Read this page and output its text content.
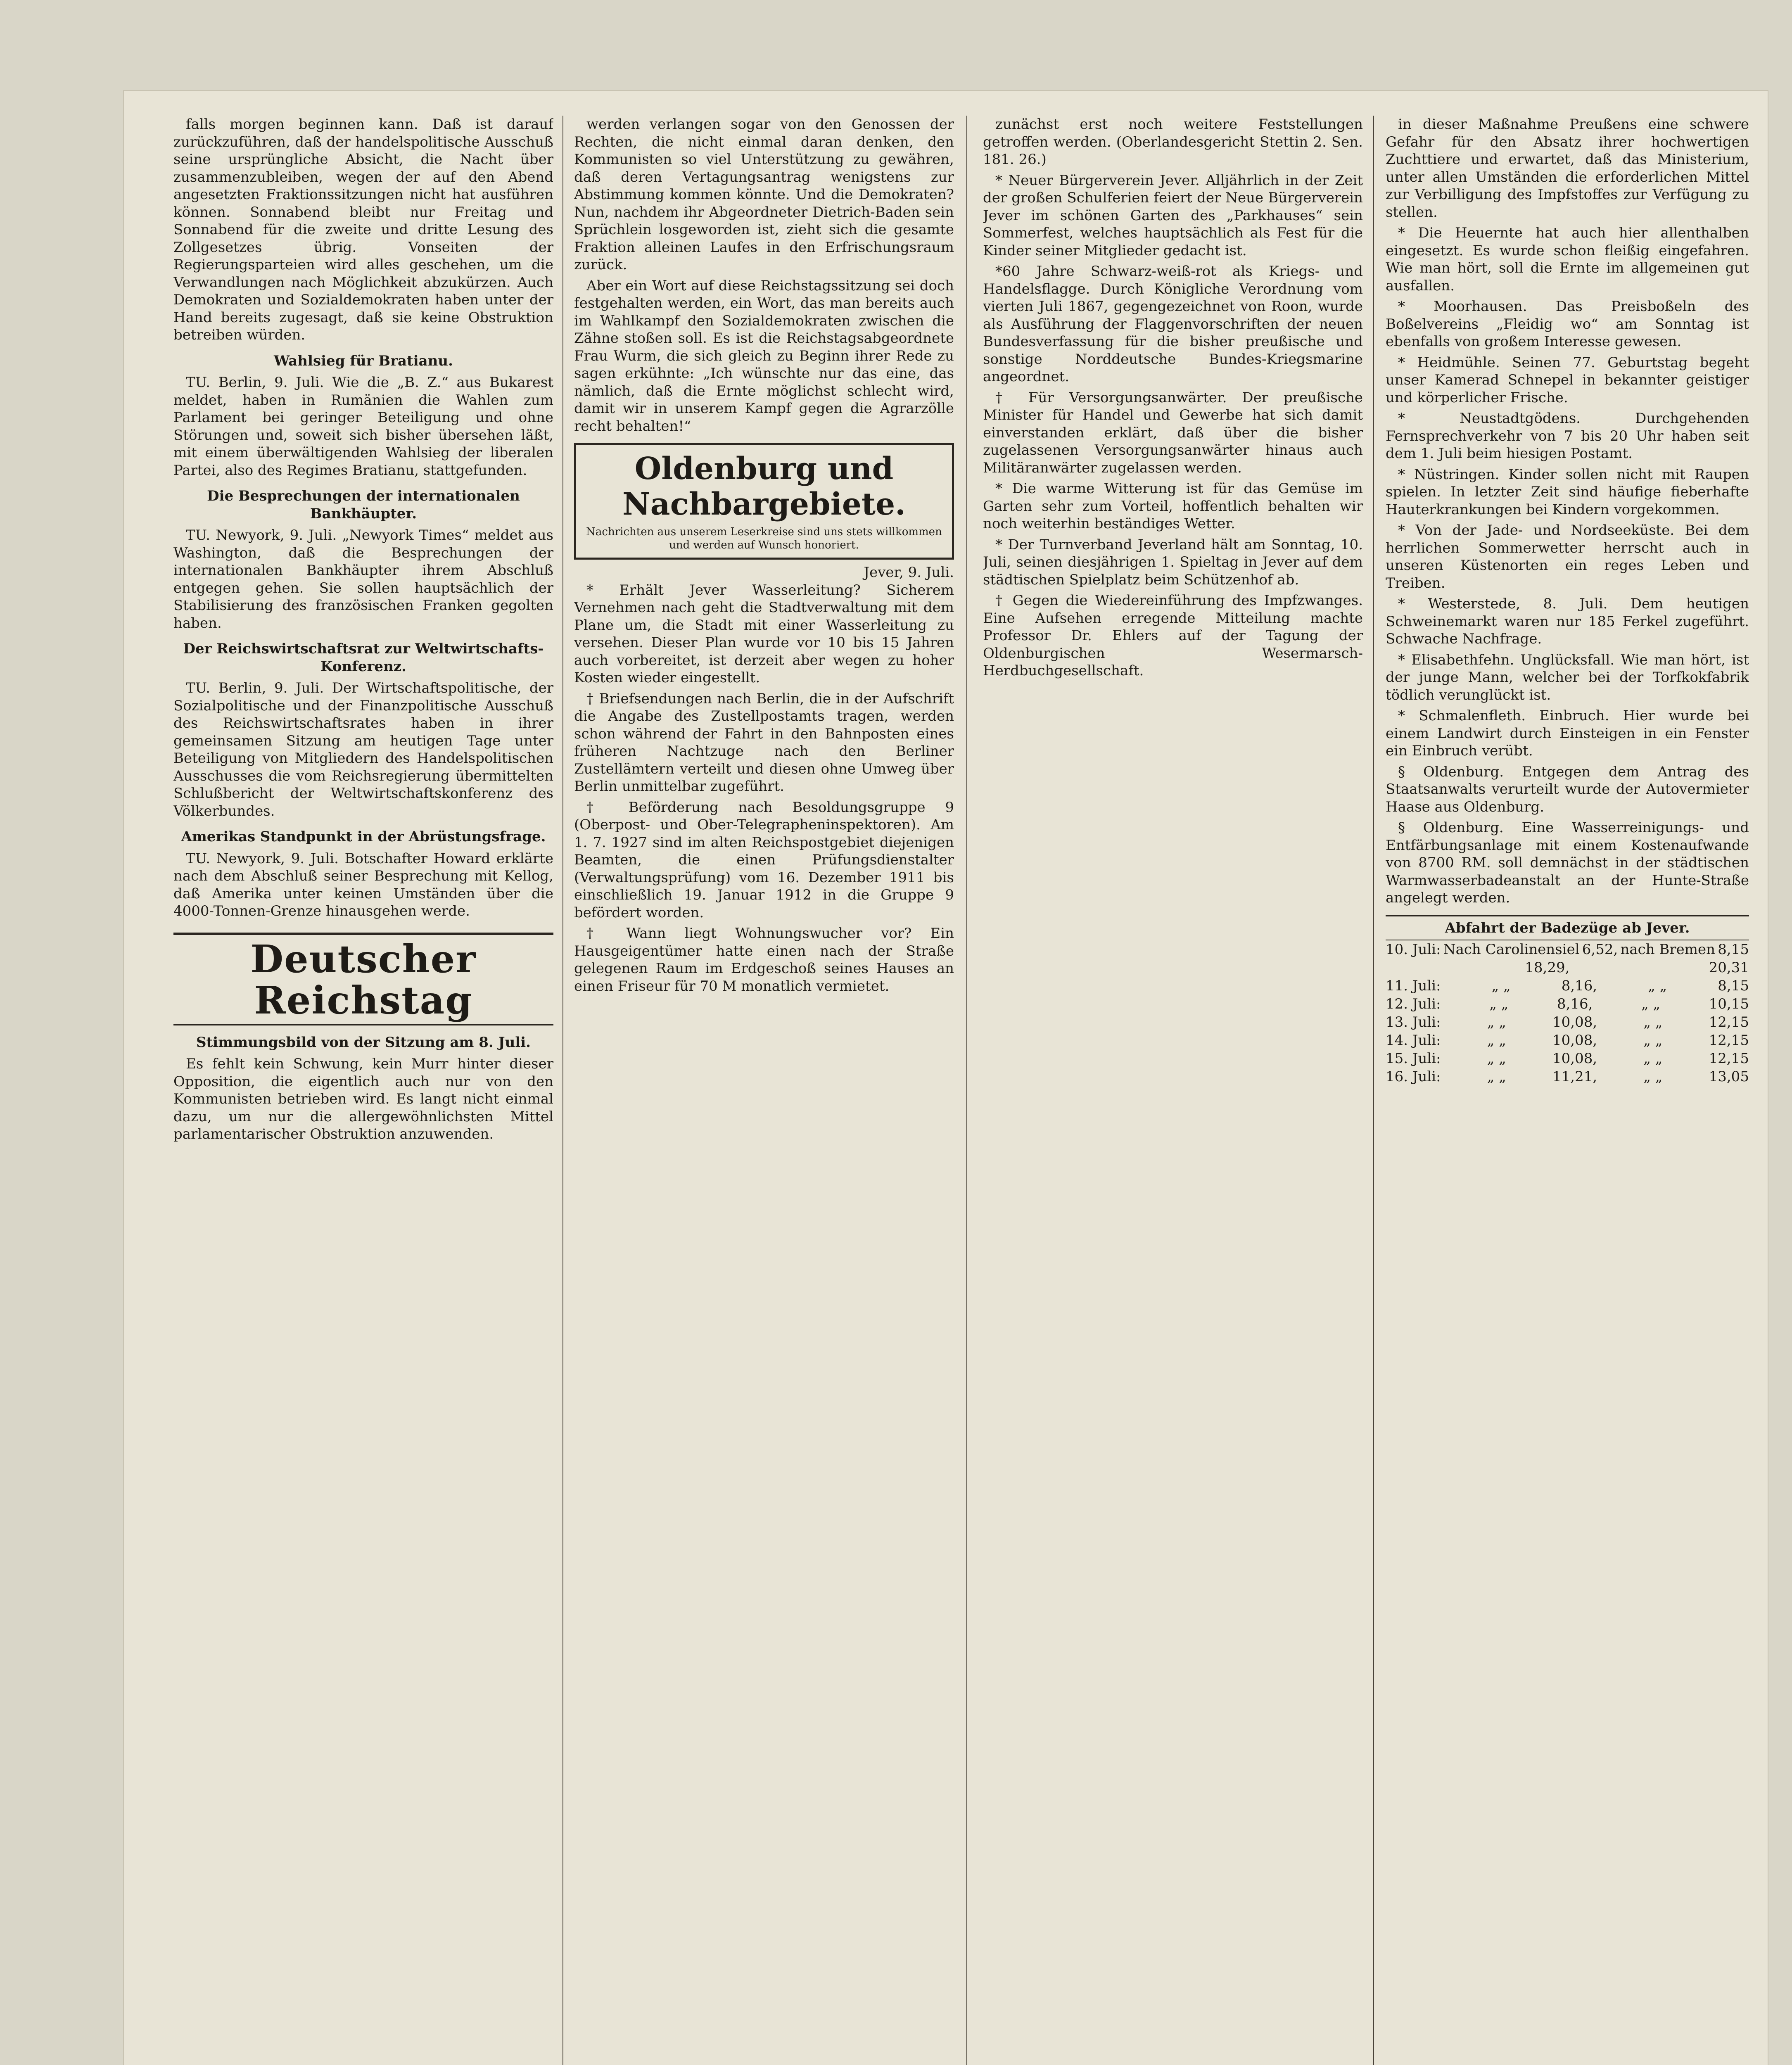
falls morgen beginnen kann. Daß ist darauf zurückzuführen, daß der handelspolitische Ausschuß seine ursprüngliche Absicht, die Nacht über zusammenzubleiben, wegen der auf den Abend angesetzten Fraktionssitzungen nicht hat ausführen können. Sonnabend bleibt nur Freitag und Sonnabend für die zweite und dritte Lesung des Zollgesetzes übrig. Vonseiten der Regierungsparteien wird alles geschehen, um die Verwandlungen nach Möglichkeit abzukürzen. Auch Demokraten und Sozialdemokraten haben unter der Hand bereits zugesagt, daß sie keine Obstruktion betreiben würden.

Wahlsieg für Bratianu.

TU. Berlin, 9. Juli. Wie die „B. Z.“ aus Bukarest meldet, haben in Rumänien die Wahlen zum Parlament bei geringer Beteiligung und ohne Störungen und, soweit sich bisher übersehen läßt, mit einem überwältigenden Wahlsieg der liberalen Partei, also des Regimes Bratianu, stattgefunden.

Die Besprechungen der internationalen Bankhäupter.

TU. Newyork, 9. Juli. „Newyork Times“ meldet aus Washington, daß die Besprechungen der internationalen Bankhäupter ihrem Abschluß entgegen gehen. Sie sollen hauptsächlich der Stabilisierung des französischen Franken gegolten haben.

Der Reichswirtschaftsrat zur Weltwirtschafts-Konferenz.

TU. Berlin, 9. Juli. Der Wirtschaftspolitische, der Sozialpolitische und der Finanzpolitische Ausschuß des Reichswirtschaftsrates haben in ihrer gemeinsamen Sitzung am heutigen Tage unter Beteiligung von Mitgliedern des Handelspolitischen Ausschusses die vom Reichsregierung übermittelten Schlußbericht der Weltwirtschaftskonferenz des Völkerbundes.

Amerikas Standpunkt in der Abrüstungsfrage.

TU. Newyork, 9. Juli. Botschafter Howard erklärte nach dem Abschluß seiner Besprechung mit Kellog, daß Amerika unter keinen Umständen über die 4000-Tonnen-Grenze hinausgehen werde.

Deutscher Reichstag
Stimmungsbild von der Sitzung am 8. Juli.

Es fehlt kein Schwung, kein Murr hinter dieser Opposition, die eigentlich auch nur von den Kommunisten betrieben wird. Es langt nicht einmal dazu, um nur die allergewöhnlichsten Mittel parlamentarischer Obstruktion anzuwenden.

werden verlangen sogar von den Genossen der Rechten, die nicht einmal daran denken, den Kommunisten so viel Unterstützung zu gewähren, daß deren Vertagungsantrag wenigstens zur Abstimmung kommen könnte. Und die Demokraten? Nun, nachdem ihr Abgeordneter Dietrich-Baden sein Sprüchlein losgeworden ist, zieht sich die gesamte Fraktion alleinen Laufes in den Erfrischungsraum zurück.

Aber ein Wort auf diese Reichstagssitzung sei doch festgehalten werden, ein Wort, das man bereits auch im Wahlkampf den Sozialdemokraten zwischen die Zähne stoßen soll. Es ist die Reichstagsabgeordnete Frau Wurm, die sich gleich zu Beginn ihrer Rede zu sagen erkühnte: „Ich wünschte nur das eine, das nämlich, daß die Ernte möglichst schlecht wird, damit wir in unserem Kampf gegen die Agrarzölle recht behalten!“

Oldenburg und Nachbargebiete.
Nachrichten aus unserem Leserkreise sind uns stets willkommen und werden auf Wunsch honoriert.
Jever, 9. Juli.

* Erhält Jever Wasserleitung? Sicherem Vernehmen nach geht die Stadtverwaltung mit dem Plane um, die Stadt mit einer Wasserleitung zu versehen. Dieser Plan wurde vor 10 bis 15 Jahren auch vorbereitet, ist derzeit aber wegen zu hoher Kosten wieder eingestellt.

† Briefsendungen nach Berlin, die in der Aufschrift die Angabe des Zustellpostamts tragen, werden schon während der Fahrt in den Bahnposten eines früheren Nachtzuge nach den Berliner Zustellämtern verteilt und diesen ohne Umweg über Berlin unmittelbar zugeführt.

† Beförderung nach Besoldungsgruppe 9 (Oberpost- und Ober-Telegrapheninspektoren). Am 1. 7. 1927 sind im alten Reichspostgebiet diejenigen Beamten, die einen Prüfungsdienstalter (Verwaltungsprüfung) vom 16. Dezember 1911 bis einschließlich 19. Januar 1912 in die Gruppe 9 befördert worden.

† Wann liegt Wohnungswucher vor? Ein Hausgeigentümer hatte einen nach der Straße gelegenen Raum im Erdgeschoß seines Hauses an einen Friseur für 70 M monatlich vermietet.

zunächst erst noch weitere Feststellungen getroffen werden. (Oberlandesgericht Stettin 2. Sen. 181. 26.)

* Neuer Bürgerverein Jever. Alljährlich in der Zeit der großen Schulferien feiert der Neue Bürgerverein Jever im schönen Garten des „Parkhauses“ sein Sommerfest, welches hauptsächlich als Fest für die Kinder seiner Mitglieder gedacht ist.

*60 Jahre Schwarz-weiß-rot als Kriegs- und Handelsflagge. Durch Königliche Verordnung vom vierten Juli 1867, gegengezeichnet von Roon, wurde als Ausführung der Flaggenvorschriften der neuen Bundesverfassung für die bisher preußische und sonstige Norddeutsche Bundes-Kriegsmarine angeordnet.

† Für Versorgungsanwärter. Der preußische Minister für Handel und Gewerbe hat sich damit einverstanden erklärt, daß über die bisher zugelassenen Versorgungsanwärter hinaus auch Militäranwärter zugelassen werden.

* Die warme Witterung ist für das Gemüse im Garten sehr zum Vorteil, hoffentlich behalten wir noch weiterhin beständiges Wetter.

* Der Turnverband Jeverland hält am Sonntag, 10. Juli, seinen diesjährigen 1. Spieltag in Jever auf dem städtischen Spielplatz beim Schützenhof ab.

† Gegen die Wiedereinführung des Impfzwanges. Eine Aufsehen erregende Mitteilung machte Professor Dr. Ehlers auf der Tagung der Oldenburgischen Wesermarsch-Herdbuchgesellschaft.

in dieser Maßnahme Preußens eine schwere Gefahr für den Absatz ihrer hochwertigen Zuchttiere und erwartet, daß das Ministerium, unter allen Umständen die erforderlichen Mittel zur Verbilligung des Impfstoffes zur Verfügung zu stellen.

* Die Heuernte hat auch hier allenthalben eingesetzt. Es wurde schon fleißig eingefahren. Wie man hört, soll die Ernte im allgemeinen gut ausfallen.

* Moorhausen. Das Preisboßeln des Boßelvereins „Fleidig wo“ am Sonntag ist ebenfalls von großem Interesse gewesen.

* Heidmühle. Seinen 77. Geburtstag begeht unser Kamerad Schnepel in bekannter geistiger und körperlicher Frische.

* Neustadtgödens. Durchgehenden Fernsprechverkehr von 7 bis 20 Uhr haben seit dem 1. Juli beim hiesigen Postamt.

* Nüstringen. Kinder sollen nicht mit Raupen spielen. In letzter Zeit sind häufige fieberhafte Hauterkrankungen bei Kindern vorgekommen.

* Von der Jade- und Nordseeküste. Bei dem herrlichen Sommerwetter herrscht auch in unseren Küstenorten ein reges Leben und Treiben.

* Westerstede, 8. Juli. Dem heutigen Schweinemarkt waren nur 185 Ferkel zugeführt. Schwache Nachfrage.

* Elisabethfehn. Unglücksfall. Wie man hört, ist der junge Mann, welcher bei der Torfkokfabrik tödlich verunglückt ist.

* Schmalenfleth. Einbruch. Hier wurde bei einem Landwirt durch Einsteigen in ein Fenster ein Einbruch verübt.

§ Oldenburg. Entgegen dem Antrag des Staatsanwalts verurteilt wurde der Autovermieter Haase aus Oldenburg.

§ Oldenburg. Eine Wasserreinigungs- und Entfärbungsanlage mit einem Kostenaufwande von 8700 RM. soll demnächst in der städtischen Warmwasserbadeanstalt an der Hunte-Straße angelegt werden.

Abfahrt der Badezüge ab Jever.
10. Juli: Nach Carolinensiel 6,52, nach Bremen 8,15
18,29,	20,31
11. Juli:	„ „	8,16,	„ „	8,15
12. Juli:	„ „	8,16,	„ „	10,15
13. Juli:	„ „	10,08,	„ „	12,15
14. Juli:	„ „	10,08,	„ „	12,15
15. Juli:	„ „	10,08,	„ „	12,15
16. Juli:	„ „	11,21,	„ „	13,05
